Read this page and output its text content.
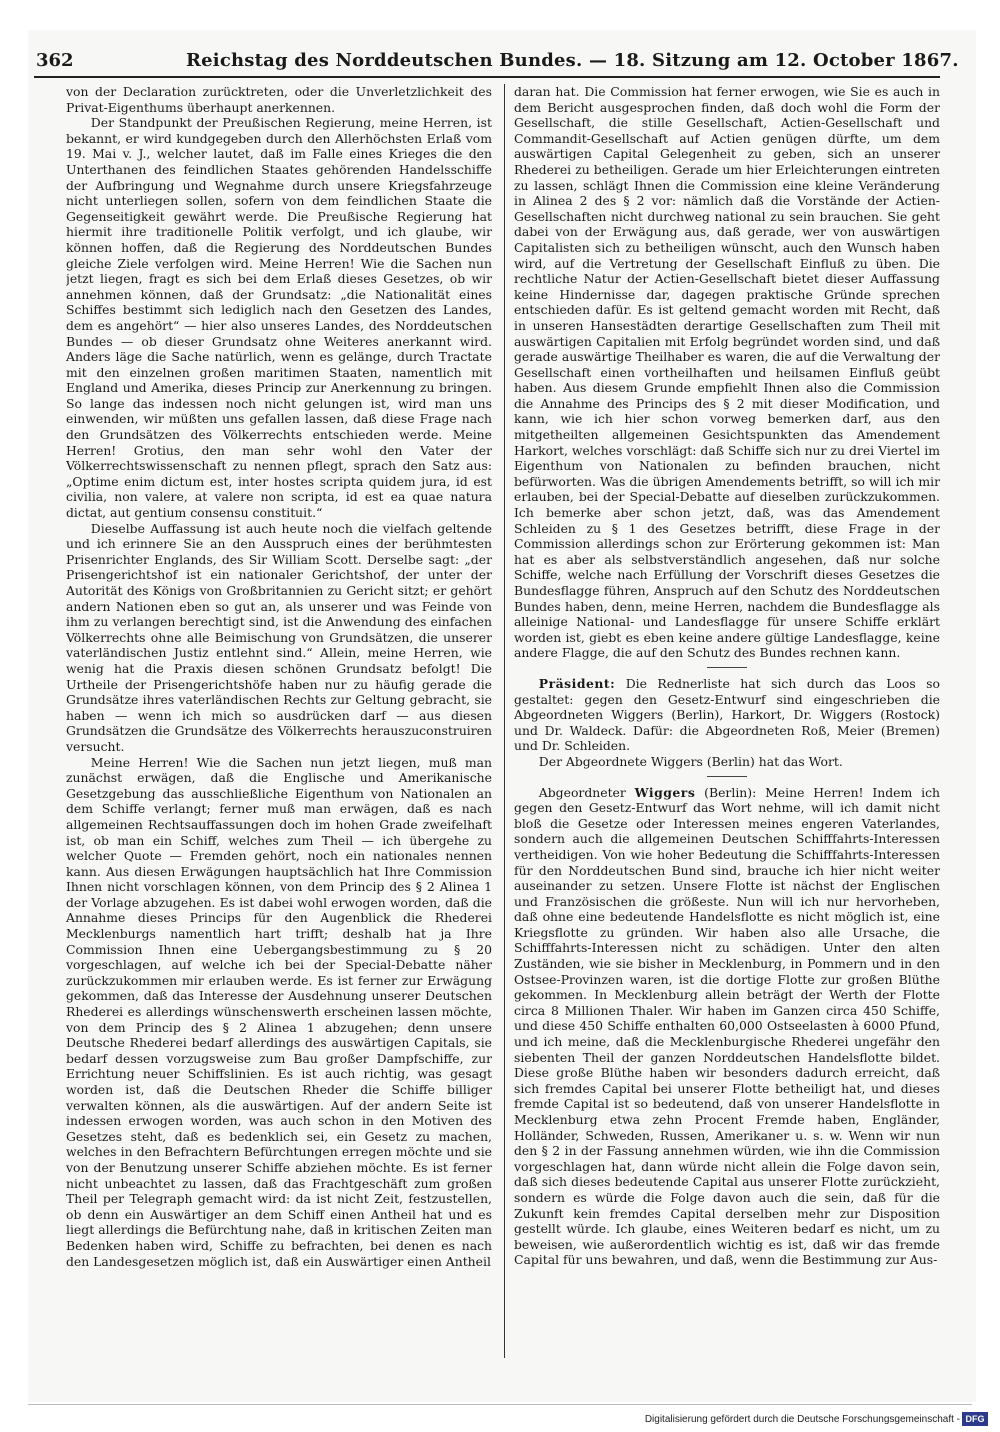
362	Reichstag des Norddeutschen Bundes. — 18. Sitzung am 12. October 1867.

von der Declaration zurücktreten, oder die Unverletzlichkeit des Privat-Eigenthums überhaupt anerkennen.

Der Standpunkt der Preußischen Regierung, meine Herren, ist bekannt, er wird kundgegeben durch den Allerhöchsten Erlaß vom 19. Mai v. J., welcher lautet, daß im Falle eines Krieges die den Unterthanen des feindlichen Staates gehörenden Handelsschiffe der Aufbringung und Wegnahme durch unsere Kriegsfahrzeuge nicht unterliegen sollen, sofern von dem feindlichen Staate die Gegenseitigkeit gewährt werde. Die Preußische Regierung hat hiermit ihre traditionelle Politik verfolgt, und ich glaube, wir können hoffen, daß die Regierung des Norddeutschen Bundes gleiche Ziele verfolgen wird. Meine Herren! Wie die Sachen nun jetzt liegen, fragt es sich bei dem Erlaß dieses Gesetzes, ob wir annehmen können, daß der Grundsatz: „die Nationalität eines Schiffes bestimmt sich lediglich nach den Gesetzen des Landes, dem es angehört“ — hier also unseres Landes, des Norddeutschen Bundes — ob dieser Grundsatz ohne Weiteres anerkannt wird. Anders läge die Sache natürlich, wenn es gelänge, durch Tractate mit den einzelnen großen maritimen Staaten, namentlich mit England und Amerika, dieses Princip zur Anerkennung zu bringen. So lange das indessen noch nicht gelungen ist, wird man uns einwenden, wir müßten uns gefallen lassen, daß diese Frage nach den Grundsätzen des Völkerrechts entschieden werde. Meine Herren! Grotius, den man sehr wohl den Vater der Völkerrechtswissenschaft zu nennen pflegt, sprach den Satz aus: „Optime enim dictum est, inter hostes scripta quidem jura, id est civilia, non valere, at valere non scripta, id est ea quae natura dictat, aut gentium consensu constituit.“

Dieselbe Auffassung ist auch heute noch die vielfach geltende und ich erinnere Sie an den Ausspruch eines der berühmtesten Prisenrichter Englands, des Sir William Scott. Derselbe sagt: „der Prisengerichtshof ist ein nationaler Gerichtshof, der unter der Autorität des Königs von Großbritannien zu Gericht sitzt; er gehört andern Nationen eben so gut an, als unserer und was Feinde von ihm zu verlangen berechtigt sind, ist die Anwendung des einfachen Völkerrechts ohne alle Beimischung von Grundsätzen, die unserer vaterländischen Justiz entlehnt sind.“ Allein, meine Herren, wie wenig hat die Praxis diesen schönen Grundsatz befolgt! Die Urtheile der Prisengerichtshöfe haben nur zu häufig gerade die Grundsätze ihres vaterländischen Rechts zur Geltung gebracht, sie haben — wenn ich mich so ausdrücken darf — aus diesen Grundsätzen die Grundsätze des Völkerrechts herauszuconstruiren versucht.

Meine Herren! Wie die Sachen nun jetzt liegen, muß man zunächst erwägen, daß die Englische und Amerikanische Gesetzgebung das ausschließliche Eigenthum von Nationalen an dem Schiffe verlangt; ferner muß man erwägen, daß es nach allgemeinen Rechtsauffassungen doch im hohen Grade zweifelhaft ist, ob man ein Schiff, welches zum Theil — ich übergehe zu welcher Quote — Fremden gehört, noch ein nationales nennen kann. Aus diesen Erwägungen hauptsächlich hat Ihre Commission Ihnen nicht vorschlagen können, von dem Princip des § 2 Alinea 1 der Vorlage abzugehen. Es ist dabei wohl erwogen worden, daß die Annahme dieses Princips für den Augenblick die Rhederei Mecklenburgs namentlich hart trifft; deshalb hat ja Ihre Commission Ihnen eine Uebergangsbestimmung zu § 20 vorgeschlagen, auf welche ich bei der Special-Debatte näher zurückzukommen mir erlauben werde. Es ist ferner zur Erwägung gekommen, daß das Interesse der Ausdehnung unserer Deutschen Rhederei es allerdings wünschenswerth erscheinen lassen möchte, von dem Princip des § 2 Alinea 1 abzugehen; denn unsere Deutsche Rhederei bedarf allerdings des auswärtigen Capitals, sie bedarf dessen vorzugsweise zum Bau großer Dampfschiffe, zur Errichtung neuer Schiffslinien. Es ist auch richtig, was gesagt worden ist, daß die Deutschen Rheder die Schiffe billiger verwalten können, als die auswärtigen. Auf der andern Seite ist indessen erwogen worden, was auch schon in den Motiven des Gesetzes steht, daß es bedenklich sei, ein Gesetz zu machen, welches in den Befrachtern Befürchtungen erregen möchte und sie von der Benutzung unserer Schiffe abziehen möchte. Es ist ferner nicht unbeachtet zu lassen, daß das Frachtgeschäft zum großen Theil per Telegraph gemacht wird: da ist nicht Zeit, festzustellen, ob denn ein Auswärtiger an dem Schiff einen Antheil hat und es liegt allerdings die Befürchtung nahe, daß in kritischen Zeiten man Bedenken haben wird, Schiffe zu befrachten, bei denen es nach den Landesgesetzen möglich ist, daß ein Auswärtiger einen Antheil

daran hat. Die Commission hat ferner erwogen, wie Sie es auch in dem Bericht ausgesprochen finden, daß doch wohl die Form der Gesellschaft, die stille Gesellschaft, Actien-Gesellschaft und Commandit-Gesellschaft auf Actien genügen dürfte, um dem auswärtigen Capital Gelegenheit zu geben, sich an unserer Rhederei zu betheiligen. Gerade um hier Erleichterungen eintreten zu lassen, schlägt Ihnen die Commission eine kleine Veränderung in Alinea 2 des § 2 vor: nämlich daß die Vorstände der Actien-Gesellschaften nicht durchweg national zu sein brauchen. Sie geht dabei von der Erwägung aus, daß gerade, wer von auswärtigen Capitalisten sich zu betheiligen wünscht, auch den Wunsch haben wird, auf die Vertretung der Gesellschaft Einfluß zu üben. Die rechtliche Natur der Actien-Gesellschaft bietet dieser Auffassung keine Hindernisse dar, dagegen praktische Gründe sprechen entschieden dafür. Es ist geltend gemacht worden mit Recht, daß in unseren Hansestädten derartige Gesellschaften zum Theil mit auswärtigen Capitalien mit Erfolg begründet worden sind, und daß gerade auswärtige Theilhaber es waren, die auf die Verwaltung der Gesellschaft einen vortheilhaften und heilsamen Einfluß geübt haben. Aus diesem Grunde empfiehlt Ihnen also die Commission die Annahme des Princips des § 2 mit dieser Modification, und kann, wie ich hier schon vorweg bemerken darf, aus den mitgetheilten allgemeinen Gesichtspunkten das Amendement Harkort, welches vorschlägt: daß Schiffe sich nur zu drei Viertel im Eigenthum von Nationalen zu befinden brauchen, nicht befürworten. Was die übrigen Amendements betrifft, so will ich mir erlauben, bei der Special-Debatte auf dieselben zurückzukommen. Ich bemerke aber schon jetzt, daß, was das Amendement Schleiden zu § 1 des Gesetzes betrifft, diese Frage in der Commission allerdings schon zur Erörterung gekommen ist: Man hat es aber als selbstverständlich angesehen, daß nur solche Schiffe, welche nach Erfüllung der Vorschrift dieses Gesetzes die Bundesflagge führen, Anspruch auf den Schutz des Norddeutschen Bundes haben, denn, meine Herren, nachdem die Bundesflagge als alleinige National- und Landesflagge für unsere Schiffe erklärt worden ist, giebt es eben keine andere gültige Landesflagge, keine andere Flagge, die auf den Schutz des Bundes rechnen kann.

Präsident: Die Rednerliste hat sich durch das Loos so gestaltet: gegen den Gesetz-Entwurf sind eingeschrieben die Abgeordneten Wiggers (Berlin), Harkort, Dr. Wiggers (Rostock) und Dr. Waldeck. Dafür: die Abgeordneten Roß, Meier (Bremen) und Dr. Schleiden.

Der Abgeordnete Wiggers (Berlin) hat das Wort.

Abgeordneter Wiggers (Berlin): Meine Herren! Indem ich gegen den Gesetz-Entwurf das Wort nehme, will ich damit nicht bloß die Gesetze oder Interessen meines engeren Vaterlandes, sondern auch die allgemeinen Deutschen Schifffahrts-Interessen vertheidigen. Von wie hoher Bedeutung die Schifffahrts-Interessen für den Norddeutschen Bund sind, brauche ich hier nicht weiter auseinander zu setzen. Unsere Flotte ist nächst der Englischen und Französischen die größeste. Nun will ich nur hervorheben, daß ohne eine bedeutende Handelsflotte es nicht möglich ist, eine Kriegsflotte zu gründen. Wir haben also alle Ursache, die Schifffahrts-Interessen nicht zu schädigen. Unter den alten Zuständen, wie sie bisher in Mecklenburg, in Pommern und in den Ostsee-Provinzen waren, ist die dortige Flotte zur großen Blüthe gekommen. In Mecklenburg allein beträgt der Werth der Flotte circa 8 Millionen Thaler. Wir haben im Ganzen circa 450 Schiffe, und diese 450 Schiffe enthalten 60,000 Ostseelasten à 6000 Pfund, und ich meine, daß die Mecklenburgische Rhederei ungefähr den siebenten Theil der ganzen Norddeutschen Handelsflotte bildet. Diese große Blüthe haben wir besonders dadurch erreicht, daß sich fremdes Capital bei unserer Flotte betheiligt hat, und dieses fremde Capital ist so bedeutend, daß von unserer Handelsflotte in Mecklenburg etwa zehn Procent Fremde haben, Engländer, Holländer, Schweden, Russen, Amerikaner u. s. w. Wenn wir nun den § 2 in der Fassung annehmen würden, wie ihn die Commission vorgeschlagen hat, dann würde nicht allein die Folge davon sein, daß sich dieses bedeutende Capital aus unserer Flotte zurückzieht, sondern es würde die Folge davon auch die sein, daß für die Zukunft kein fremdes Capital derselben mehr zur Disposition gestellt würde. Ich glaube, eines Weiteren bedarf es nicht, um zu beweisen, wie außerordentlich wichtig es ist, daß wir das fremde Capital für uns bewahren, und daß, wenn die Bestimmung zur Aus-

Digitalisierung gefördert durch die Deutsche Forschungsgemeinschaft - DFG
